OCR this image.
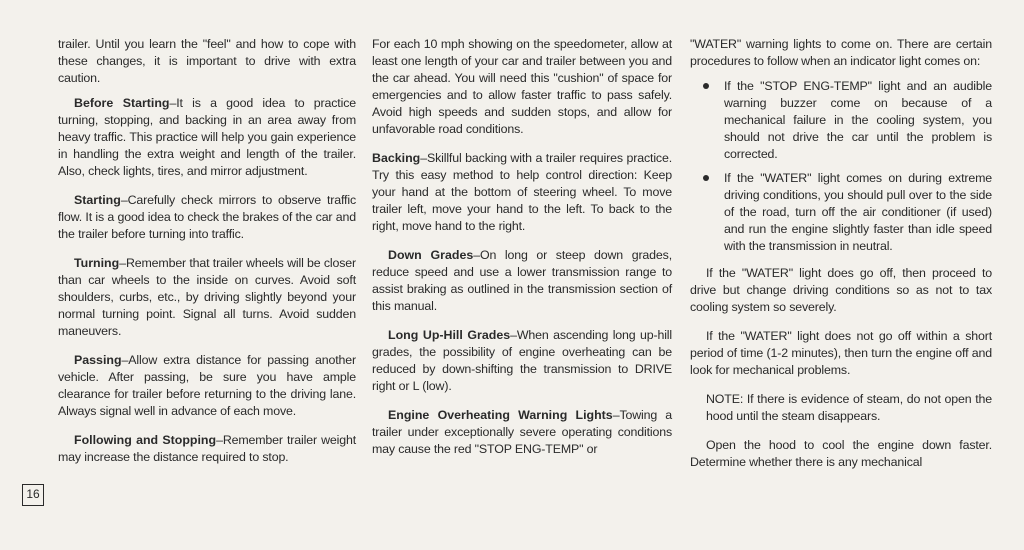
trailer. Until you learn the "feel" and how to cope with these changes, it is important to drive with extra caution.

Before Starting–It is a good idea to practice turning, stopping, and backing in an area away from heavy traffic. This practice will help you gain experience in handling the extra weight and length of the trailer. Also, check lights, tires, and mirror adjustment.

Starting–Carefully check mirrors to observe traffic flow. It is a good idea to check the brakes of the car and the trailer before turning into traffic.

Turning–Remember that trailer wheels will be closer than car wheels to the inside on curves. Avoid soft shoulders, curbs, etc., by driving slightly beyond your normal turning point. Signal all turns. Avoid sudden maneuvers.

Passing–Allow extra distance for passing another vehicle. After passing, be sure you have ample clearance for trailer before returning to the driving lane. Always signal well in advance of each move.

Following and Stopping–Remember trailer weight may increase the distance required to stop.

For each 10 mph showing on the speedometer, allow at least one length of your car and trailer between you and the car ahead. You will need this "cushion" of space for emergencies and to allow faster traffic to pass safely. Avoid high speeds and sudden stops, and allow for unfavorable road conditions.

Backing–Skillful backing with a trailer requires practice. Try this easy method to help control direction: Keep your hand at the bottom of steering wheel. To move trailer left, move your hand to the left. To back to the right, move hand to the right.

Down Grades–On long or steep down grades, reduce speed and use a lower transmission range to assist braking as outlined in the transmission section of this manual.

Long Up-Hill Grades–When ascending long up-hill grades, the possibility of engine overheating can be reduced by down-shifting the transmission to DRIVE right or L (low).

Engine Overheating Warning Lights–Towing a trailer under exceptionally severe operating conditions may cause the red "STOP ENG-TEMP" or

"WATER" warning lights to come on. There are certain procedures to follow when an indicator light comes on:

If the "STOP ENG-TEMP" light and an audible warning buzzer come on because of a mechanical failure in the cooling system, you should not drive the car until the problem is corrected.
If the "WATER" light comes on during extreme driving conditions, you should pull over to the side of the road, turn off the air conditioner (if used) and run the engine slightly faster than idle speed with the transmission in neutral.

If the "WATER" light does go off, then proceed to drive but change driving conditions so as not to tax cooling system so severely.

If the "WATER" light does not go off within a short period of time (1-2 minutes), then turn the engine off and look for mechanical problems.

NOTE: If there is evidence of steam, do not open the hood until the steam disappears.

Open the hood to cool the engine down faster. Determine whether there is any mechanical

16
